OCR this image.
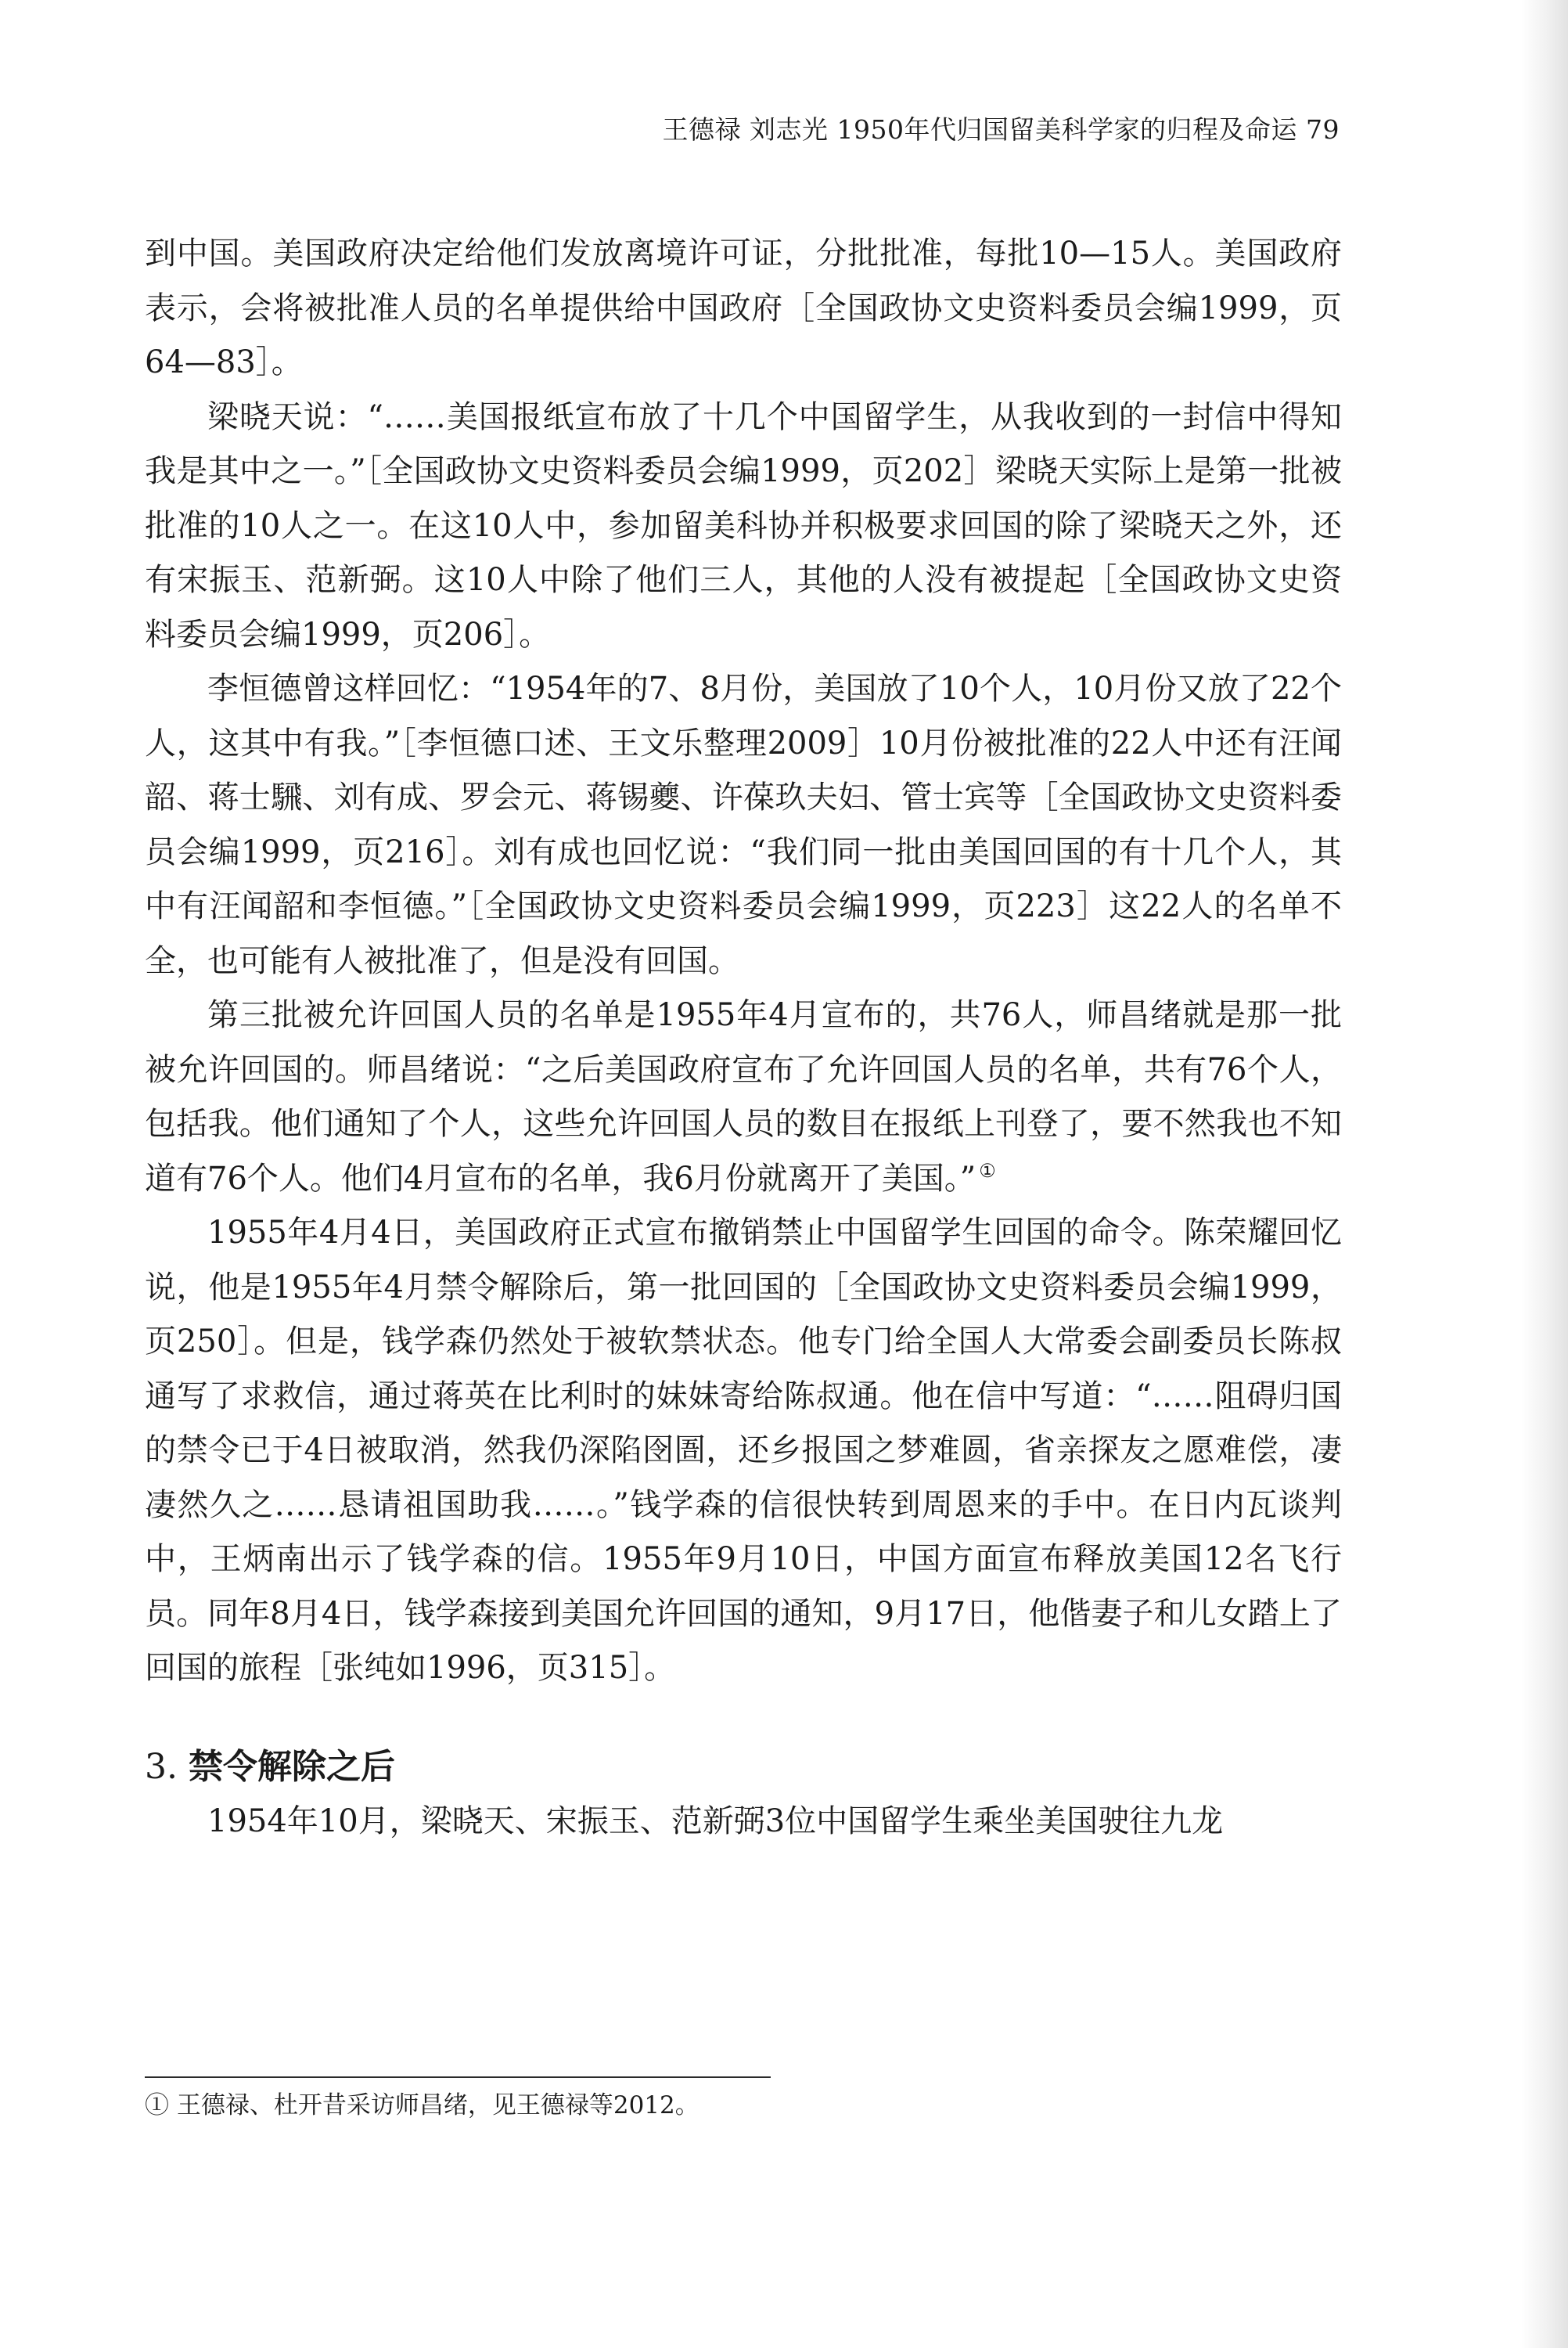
王德禄 刘志光 1950年代归国留美科学家的归程及命运 79

到中国。美国政府决定给他们发放离境许可证，分批批准，每批10—15人。美国政府表示，会将被批准人员的名单提供给中国政府［全国政协文史资料委员会编1999，页64—83］。

梁晓天说：“……美国报纸宣布放了十几个中国留学生，从我收到的一封信中得知我是其中之一。”［全国政协文史资料委员会编1999，页202］梁晓天实际上是第一批被批准的10人之一。在这10人中，参加留美科协并积极要求回国的除了梁晓天之外，还有宋振玉、范新弼。这10人中除了他们三人，其他的人没有被提起［全国政协文史资料委员会编1999，页206］。

李恒德曾这样回忆：“1954年的7、8月份，美国放了10个人，10月份又放了22个人，这其中有我。”［李恒德口述、王文乐整理2009］10月份被批准的22人中还有汪闻韶、蒋士騛、刘有成、罗会元、蒋锡夔、许葆玖夫妇、管士宾等［全国政协文史资料委员会编1999，页216］。刘有成也回忆说：“我们同一批由美国回国的有十几个人，其中有汪闻韶和李恒德。”［全国政协文史资料委员会编1999，页223］这22人的名单不全，也可能有人被批准了，但是没有回国。

第三批被允许回国人员的名单是1955年4月宣布的，共76人，师昌绪就是那一批被允许回国的。师昌绪说：“之后美国政府宣布了允许回国人员的名单，共有76个人，包括我。他们通知了个人，这些允许回国人员的数目在报纸上刊登了，要不然我也不知道有76个人。他们4月宣布的名单，我6月份就离开了美国。” ①

1955年4月4日，美国政府正式宣布撤销禁止中国留学生回国的命令。陈荣耀回忆说，他是1955年4月禁令解除后，第一批回国的［全国政协文史资料委员会编1999，页250］。但是，钱学森仍然处于被软禁状态。他专门给全国人大常委会副委员长陈叔通写了求救信，通过蒋英在比利时的妹妹寄给陈叔通。他在信中写道：“……阻碍归国的禁令已于4日被取消，然我仍深陷囹圄，还乡报国之梦难圆，省亲探友之愿难偿，凄凄然久之……恳请祖国助我……。”钱学森的信很快转到周恩来的手中。在日内瓦谈判中，王炳南出示了钱学森的信。1955年9月10日，中国方面宣布释放美国12名飞行员。同年8月4日，钱学森接到美国允许回国的通知，9月17日，他偕妻子和儿女踏上了回国的旅程［张纯如1996，页315］。

3. 禁令解除之后

1954年10月，梁晓天、宋振玉、范新弼3位中国留学生乘坐美国驶往九龙

① 王德禄、杜开昔采访师昌绪，见王德禄等2012。
